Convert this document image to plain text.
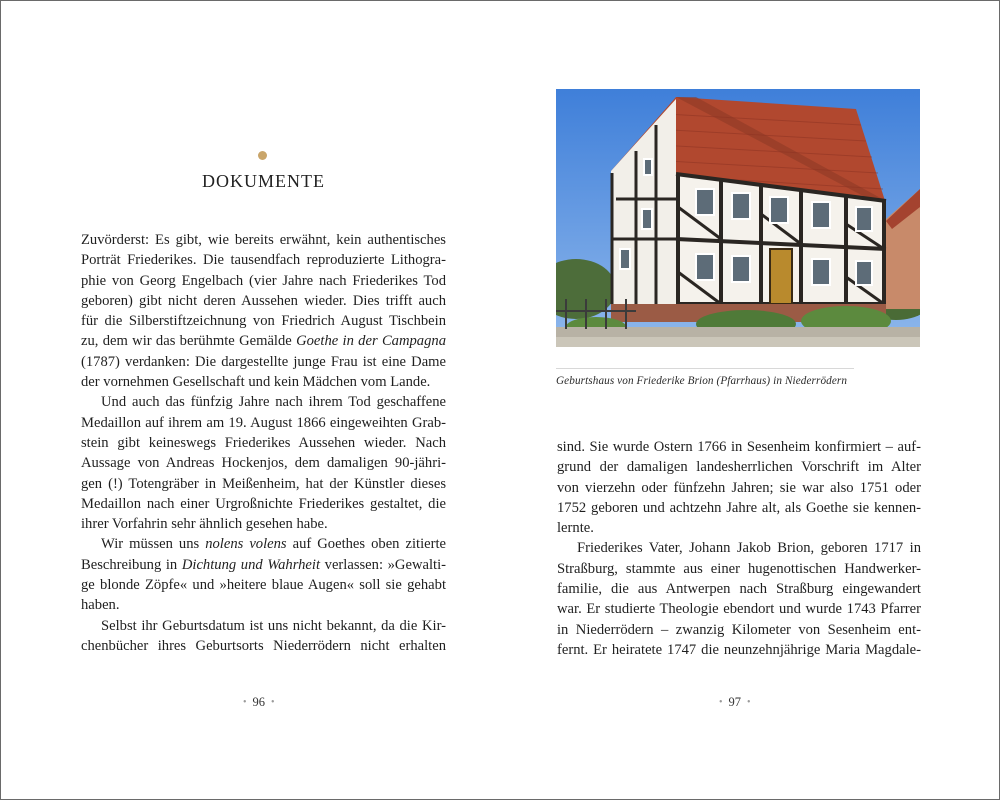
DOKUMENTE
Zuvörderst: Es gibt, wie bereits erwähnt, kein authentisches
Porträt Friederikes. Die tausendfach reproduzierte Lithogra-
phie von Georg Engelbach (vier Jahre nach Friederikes Tod
geboren) gibt nicht deren Aussehen wieder. Dies trifft auch
für die Silberstiftzeichnung von Friedrich August Tischbein
zu, dem wir das berühmte Gemälde Goethe in der Campagna
(1787) verdanken: Die dargestellte junge Frau ist eine Dame
der vornehmen Gesellschaft und kein Mädchen vom Lande.
Und auch das fünfzig Jahre nach ihrem Tod geschaffene
Medaillon auf ihrem am 19. August 1866 eingeweihten Grab-
stein gibt keineswegs Friederikes Aussehen wieder. Nach
Aussage von Andreas Hockenjos, dem damaligen 90-jähri-
gen (!) Totengräber in Meißenheim, hat der Künstler dieses
Medaillon nach einer Urgroßnichte Friederikes gestaltet, die
ihrer Vorfahrin sehr ähnlich gesehen habe.
Wir müssen uns nolens volens auf Goethes oben zitierte
Beschreibung in Dichtung und Wahrheit verlassen: »Gewalti-
ge blonde Zöpfe« und »heitere blaue Augen« soll sie gehabt
haben.
Selbst ihr Geburtsdatum ist uns nicht bekannt, da die Kir-
chenbücher ihres Geburtsorts Niederrödern nicht erhalten
• 96 •
Geburtshaus von Friederike Brion (Pfarrhaus) in Niederrödern
sind. Sie wurde Ostern 1766 in Sesenheim konfirmiert – auf-
grund der damaligen landesherrlichen Vorschrift im Alter
von vierzehn oder fünfzehn Jahren; sie war also 1751 oder
1752 geboren und achtzehn Jahre alt, als Goethe sie kennen-
lernte.
Friederikes Vater, Johann Jakob Brion, geboren 1717 in
Straßburg, stammte aus einer hugenottischen Handwerker-
familie, die aus Antwerpen nach Straßburg eingewandert
war. Er studierte Theologie ebendort und wurde 1743 Pfarrer
in Niederrödern – zwanzig Kilometer von Sesenheim ent-
fernt. Er heiratete 1747 die neunzehnjährige Maria Magdale-
• 97 •
